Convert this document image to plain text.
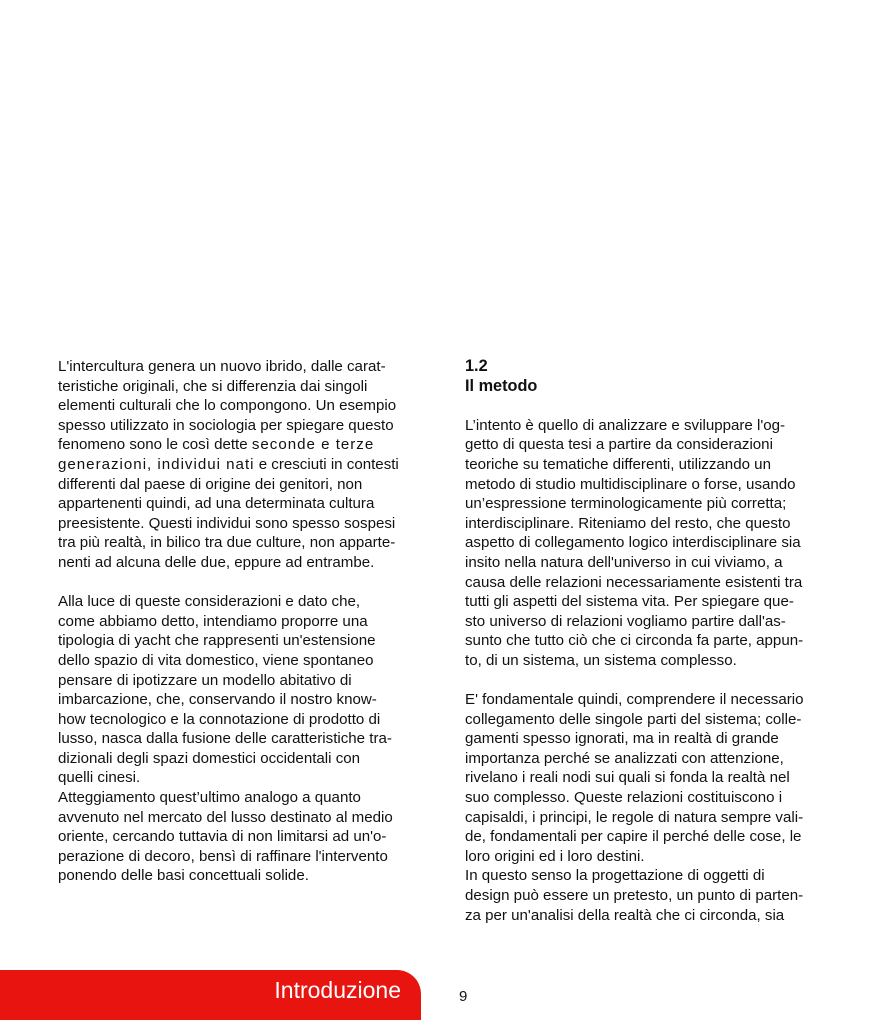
L'intercultura genera un nuovo ibrido, dalle carat-
teristiche originali, che si differenzia dai singoli
elementi culturali che lo compongono. Un esempio
spesso utilizzato in sociologia per spiegare questo
fenomeno sono le così dette seconde e terze
generazioni, individui nati e cresciuti in contesti
differenti dal paese di origine dei genitori, non
appartenenti quindi, ad una determinata cultura
preesistente. Questi individui sono spesso sospesi
tra più realtà, in bilico tra due culture, non apparte-
nenti ad alcuna delle due, eppure ad entrambe.
Alla luce di queste considerazioni e dato che,
come abbiamo detto, intendiamo proporre una
tipologia di yacht che rappresenti un'estensione
dello spazio di vita domestico, viene spontaneo
pensare di ipotizzare un modello abitativo di
imbarcazione, che, conservando il nostro know-
how tecnologico e la connotazione di prodotto di
lusso, nasca dalla fusione delle caratteristiche tra-
dizionali degli spazi domestici occidentali con
quelli cinesi.
Atteggiamento quest’ultimo analogo a quanto
avvenuto nel mercato del lusso destinato al medio
oriente, cercando tuttavia di non limitarsi ad un'o-
perazione di decoro, bensì di raffinare l'intervento
ponendo delle basi concettuali solide.
1.2
Il metodo
L’intento è quello di analizzare e sviluppare l'og-
getto di questa tesi a partire da considerazioni
teoriche su tematiche differenti, utilizzando un
metodo di studio multidisciplinare o forse, usando
un’espressione terminologicamente più corretta;
interdisciplinare. Riteniamo del resto, che questo
aspetto di collegamento logico interdisciplinare sia
insito nella natura dell'universo in cui viviamo, a
causa delle relazioni necessariamente esistenti tra
tutti gli aspetti del sistema vita. Per spiegare que-
sto universo di relazioni vogliamo partire dall'as-
sunto che tutto ciò che ci circonda fa parte, appun-
to, di un sistema, un sistema complesso.
E' fondamentale quindi, comprendere il necessario
collegamento delle singole parti del sistema; colle-
gamenti spesso ignorati, ma in realtà di grande
importanza perché se analizzati con attenzione,
rivelano i reali nodi sui quali si fonda la realtà nel
suo complesso. Queste relazioni costituiscono i
capisaldi, i principi, le regole di natura sempre vali-
de, fondamentali per capire il perché delle cose, le
loro origini ed i loro destini.
In questo senso la progettazione di oggetti di
design può essere un pretesto, un punto di parten-
za per un'analisi della realtà che ci circonda, sia
Introduzione	9
